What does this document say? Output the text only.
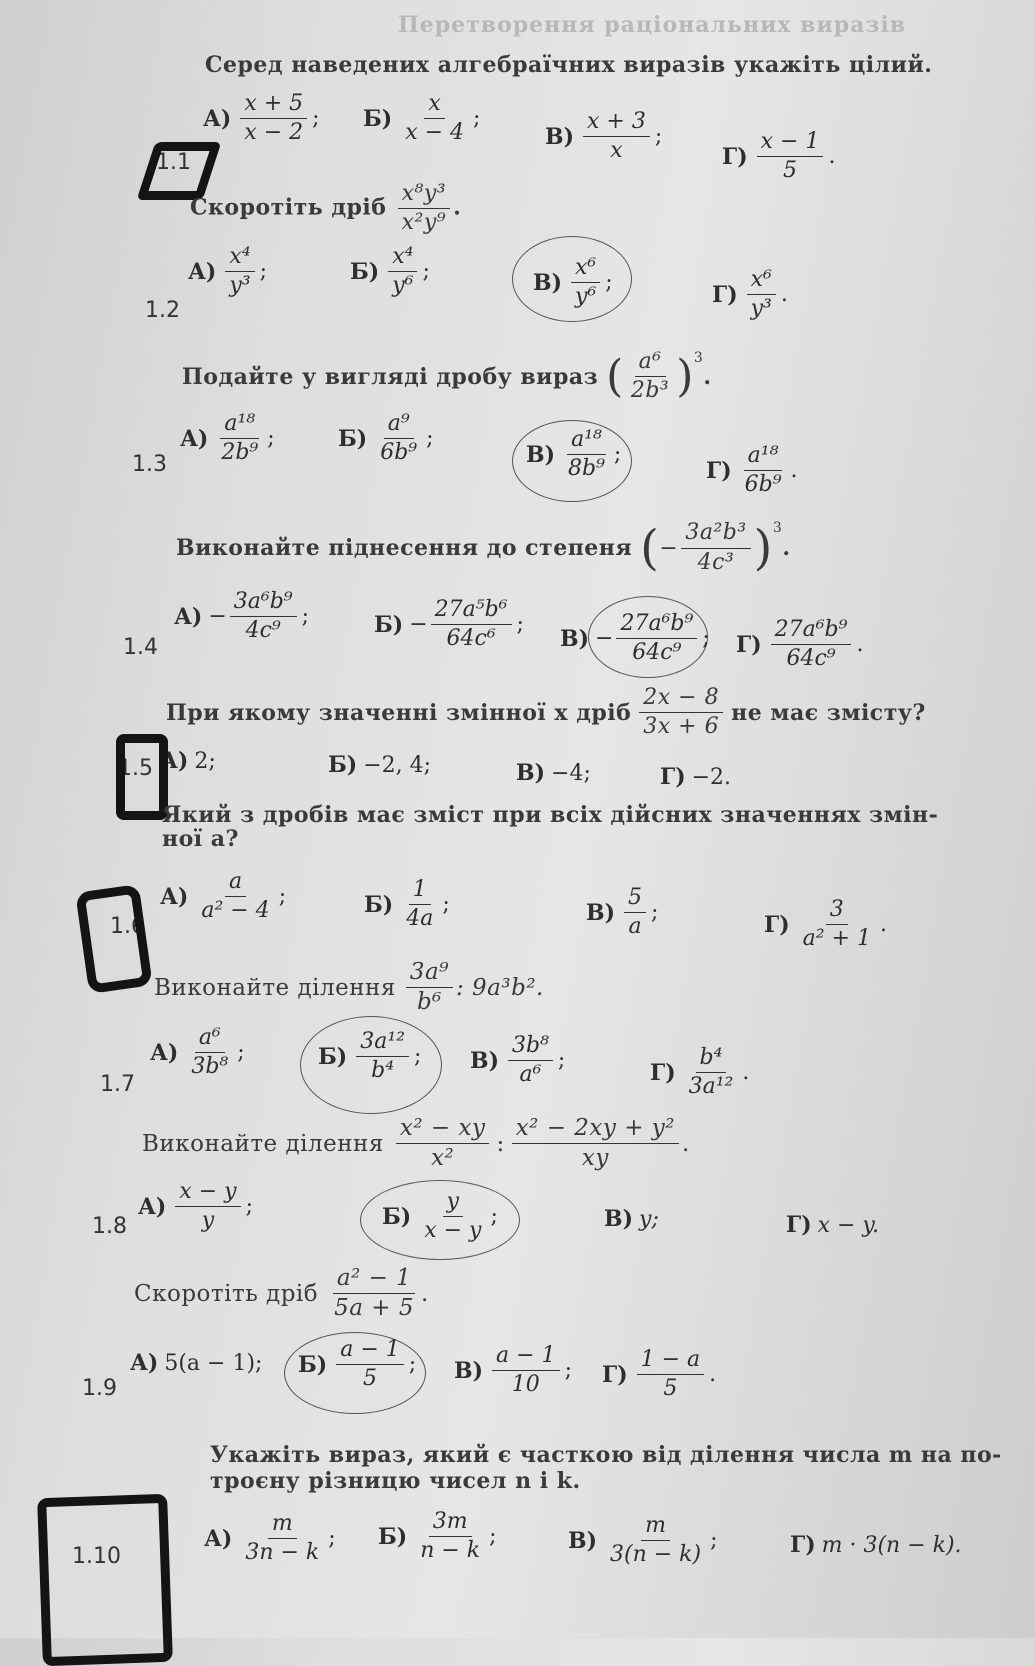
Перетворення раціональних виразів
Серед наведених алгебраїчних виразів укажіть цілий.
1.1
$А) \frac{x + 5}{x - 2}$ ; $Б) \frac{x}{x - 4}$ ;
$В) \frac{x + 3}{x}$ ;
$Г) \frac{x - 1}{5}$ .
Скоротіть дріб $\frac{\text{x⁸y³}}{\text{x²y⁹}}$ .
1.2
$А) \frac{\text{x⁴}}{\text{y³}}$ ;	$Б) \frac{\text{x⁴}}{\text{y⁶}}$ ;	$В) \frac{\text{x⁶}}{\text{y⁶}}$ ;	$Г) \frac{\text{x⁶}}{\text{y³}}$ .
Подайте у вигляді дробу вираз ( $\frac{\text{a⁶}}{\text{2b³}} )^3$
.
1.3
$А) \frac{\text{a¹⁸}}{\text{2b⁹}}$ ;	$Б) \frac{\text{a⁹}}{\text{6b⁹}}$ ;
$В) \frac{\text{a¹⁸}}{\text{8b⁹}}$ ;
$Г) \frac{\text{a¹⁸}}{\text{6b⁹}}$ .
Виконайте піднесення до степеня ( − $\frac{\text{3a²b³}}{\text{4c³}} )^3$
.
1.4
$А) - \frac{\text{3a⁶b⁹}}{\text{4c⁹}}$ ;	$Б) - \frac{\text{27a⁵b⁶}}{\text{64c⁶}}$ ;
$В) - \frac{\text{27a⁶b⁹}}{\text{64c⁹}}$ ; $Г) \frac{\text{27a⁶b⁹}}{\text{64c⁹}}$ .
При якому значенні змінної x дріб $\frac{2x - 8}{3x + 6}$ не має змісту?
1.5 А) 2;	Б) −2, 4;	В) −4;	Г) −2.
Який з дробів має зміст при всіх дійсних значеннях змін-
ної a?
1.6
$А) \frac{a}{\text{a² − 4}}$ ;	$Б) \frac{1}{4a}$ ;	$В) \frac{5}{a}$ ;	$Г) \frac{3}{\text{a² + 1}}$ .
Виконайте ділення $\frac{\text{3a⁹}}{\text{b⁶}}$ : 9a³b².
1.7
$А) \frac{\text{a⁶}}{\text{3b⁸}}$ ;	$Б) \frac{\text{3a¹²}}{\text{b⁴}}$ ; $В) \frac{\text{3b⁸}}{\text{a⁶}}$ ;	$Г) \frac{\text{b⁴}}{\text{3a¹²}}$ .
Виконайте ділення $\frac{\text{x² − xy}}{\text{x²}}$ : $\frac{\text{x² − 2xy + y²}}{xy}$ .
1.8
$А) \frac{x - y}{y}$ ;	$Б) \frac{y}{x - y}$ ;	В) y;	Г) x − y.
Скоротіть дріб $\frac{\text{a² − 1}}{5a + 5}$ .
1.9
А) 5(a − 1); $Б) \frac{a - 1}{5}$ ; $В) \frac{a - 1}{10}$ ; $Г) \frac{1 - a}{5}$ .
Укажіть вираз, який є часткою від ділення числа m на по-
троєну різницю чисел n і k.
1.10
$А) \frac{m}{3n - k}$ ; $Б) \frac{3m}{n - k}$ ;	$В) \frac{m}{3(n - k)}$ ;	Г) m · 3(n − k).
